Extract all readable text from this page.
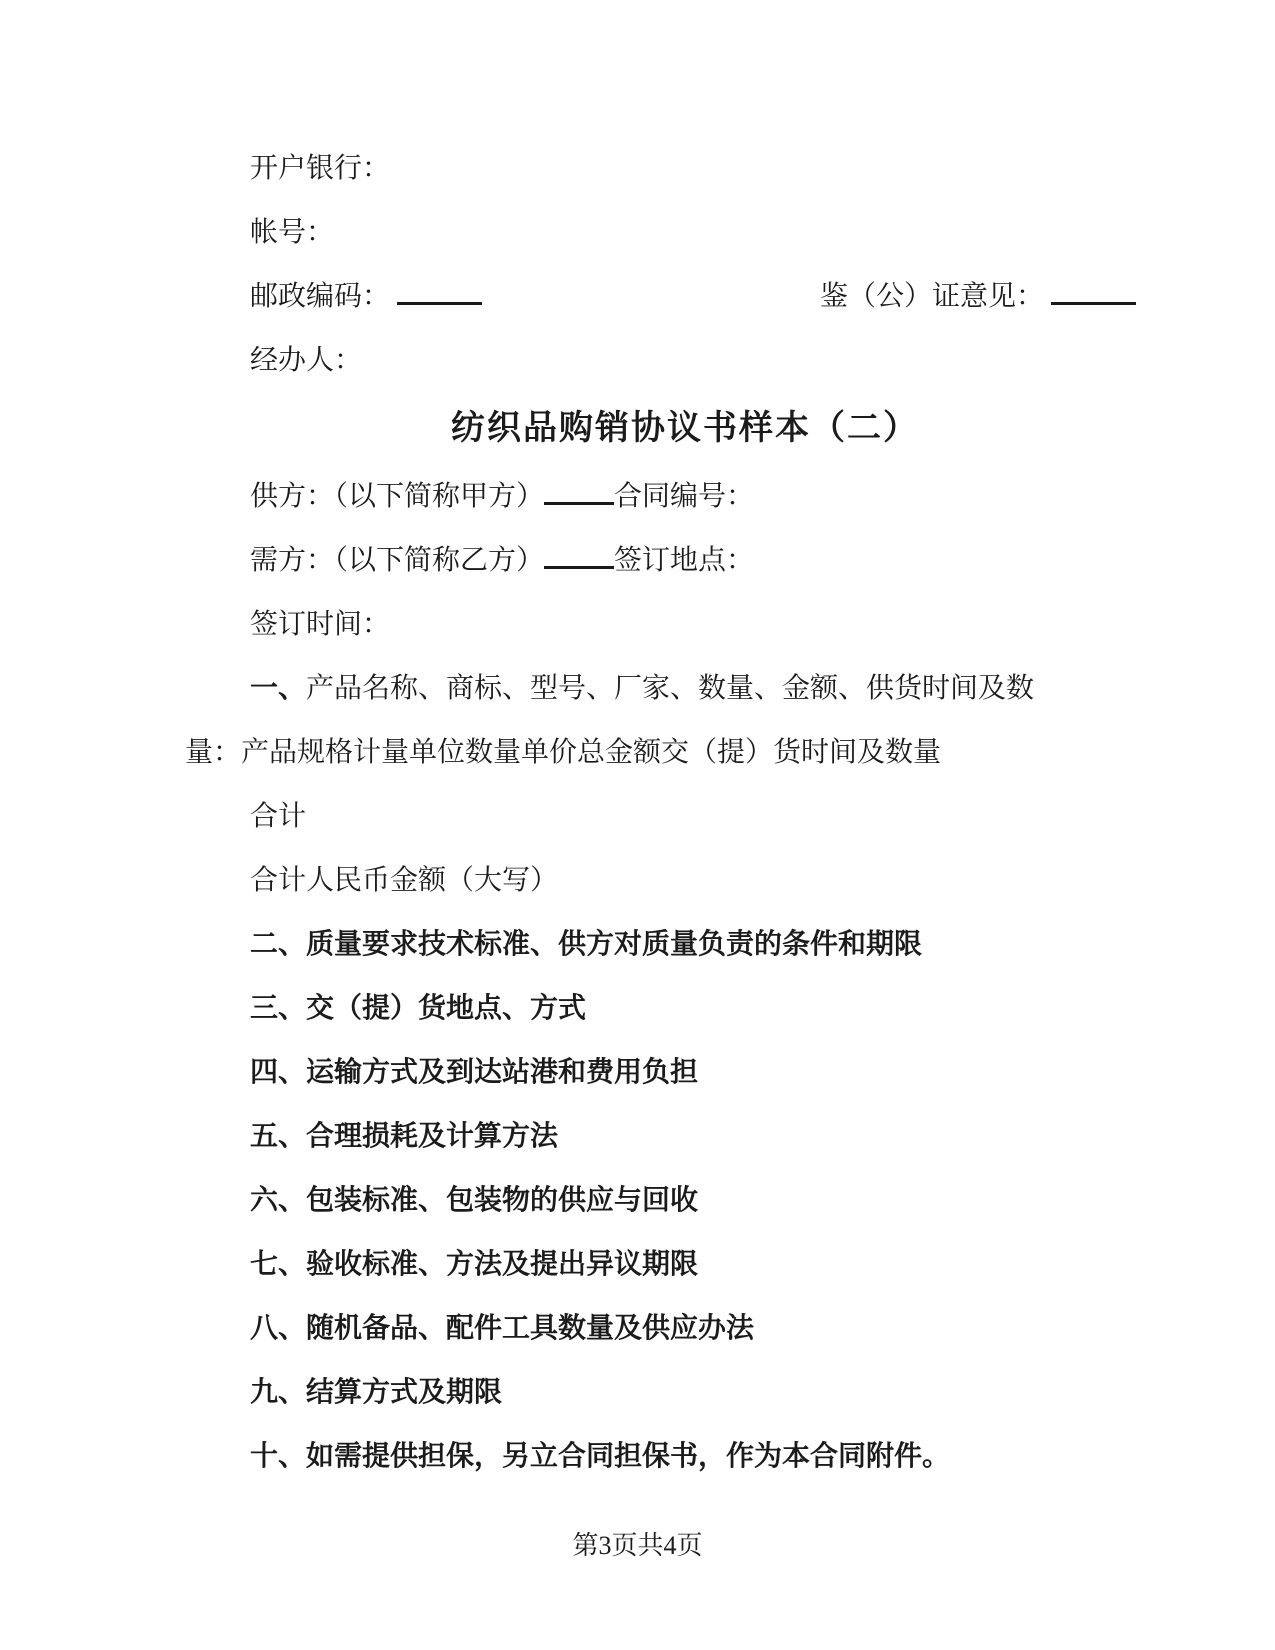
开户银行：

帐号：

邮政编码：	鉴（公）证意见：

经办人：

纺织品购销协议书样本（二）

供方：（以下简称甲方）	合同编号：

需方：（以下简称乙方）	签订地点：

签订时间：

一、产品名称、商标、型号、厂家、数量、金额、供货时间及数

量：产品规格计量单位数量单价总金额交（提）货时间及数量

合计

合计人民币金额（大写）

二、质量要求技术标准、供方对质量负责的条件和期限

三、交（提）货地点、方式

四、运输方式及到达站港和费用负担

五、合理损耗及计算方法

六、包装标准、包装物的供应与回收

七、验收标准、方法及提出异议期限

八、随机备品、配件工具数量及供应办法

九、结算方式及期限

十、如需提供担保，另立合同担保书，作为本合同附件。

第3页共4页
